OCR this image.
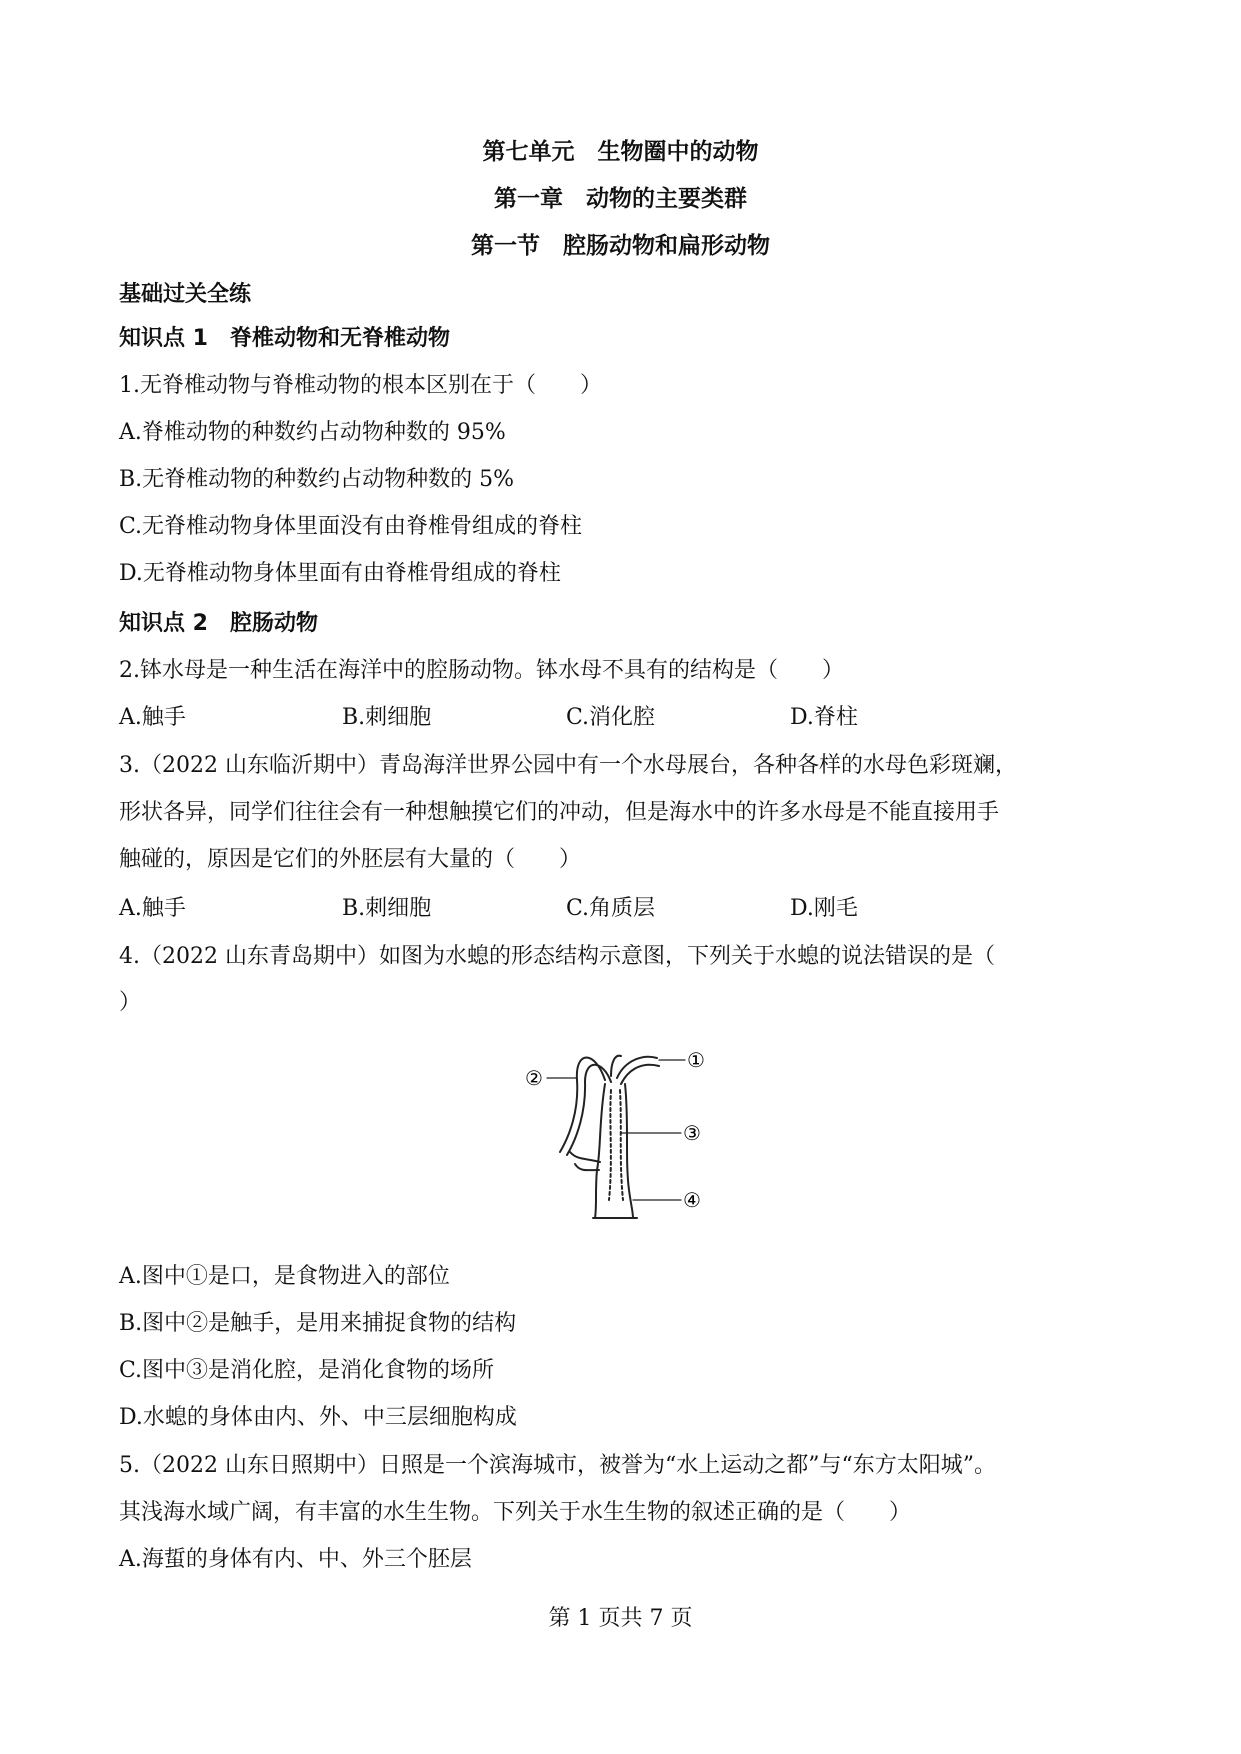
第七单元　生物圈中的动物
第一章　动物的主要类群
第一节　腔肠动物和扁形动物
基础过关全练
知识点 1　脊椎动物和无脊椎动物
1.无脊椎动物与脊椎动物的根本区别在于（　　）
A.脊椎动物的种数约占动物种数的 95%
B.无脊椎动物的种数约占动物种数的 5%
C.无脊椎动物身体里面没有由脊椎骨组成的脊柱
D.无脊椎动物身体里面有由脊椎骨组成的脊柱
知识点 2　腔肠动物
2.钵水母是一种生活在海洋中的腔肠动物。钵水母不具有的结构是（　　）
A.触手	B.刺细胞	C.消化腔	D.脊柱
3.（2022 山东临沂期中）青岛海洋世界公园中有一个水母展台，各种各样的水母色彩斑斓，
形状各异，同学们往往会有一种想触摸它们的冲动，但是海水中的许多水母是不能直接用手
触碰的，原因是它们的外胚层有大量的（　　）
A.触手	B.刺细胞	C.角质层	D.刚毛
4.（2022 山东青岛期中）如图为水螅的形态结构示意图，下列关于水螅的说法错误的是（
）
①
②
③
④
A.图中①是口，是食物进入的部位
B.图中②是触手，是用来捕捉食物的结构
C.图中③是消化腔，是消化食物的场所
D.水螅的身体由内、外、中三层细胞构成
5.（2022 山东日照期中）日照是一个滨海城市，被誉为“水上运动之都”与“东方太阳城”。
其浅海水域广阔，有丰富的水生生物。下列关于水生生物的叙述正确的是（　　）
A.海蜇的身体有内、中、外三个胚层
第 1 页共 7 页
